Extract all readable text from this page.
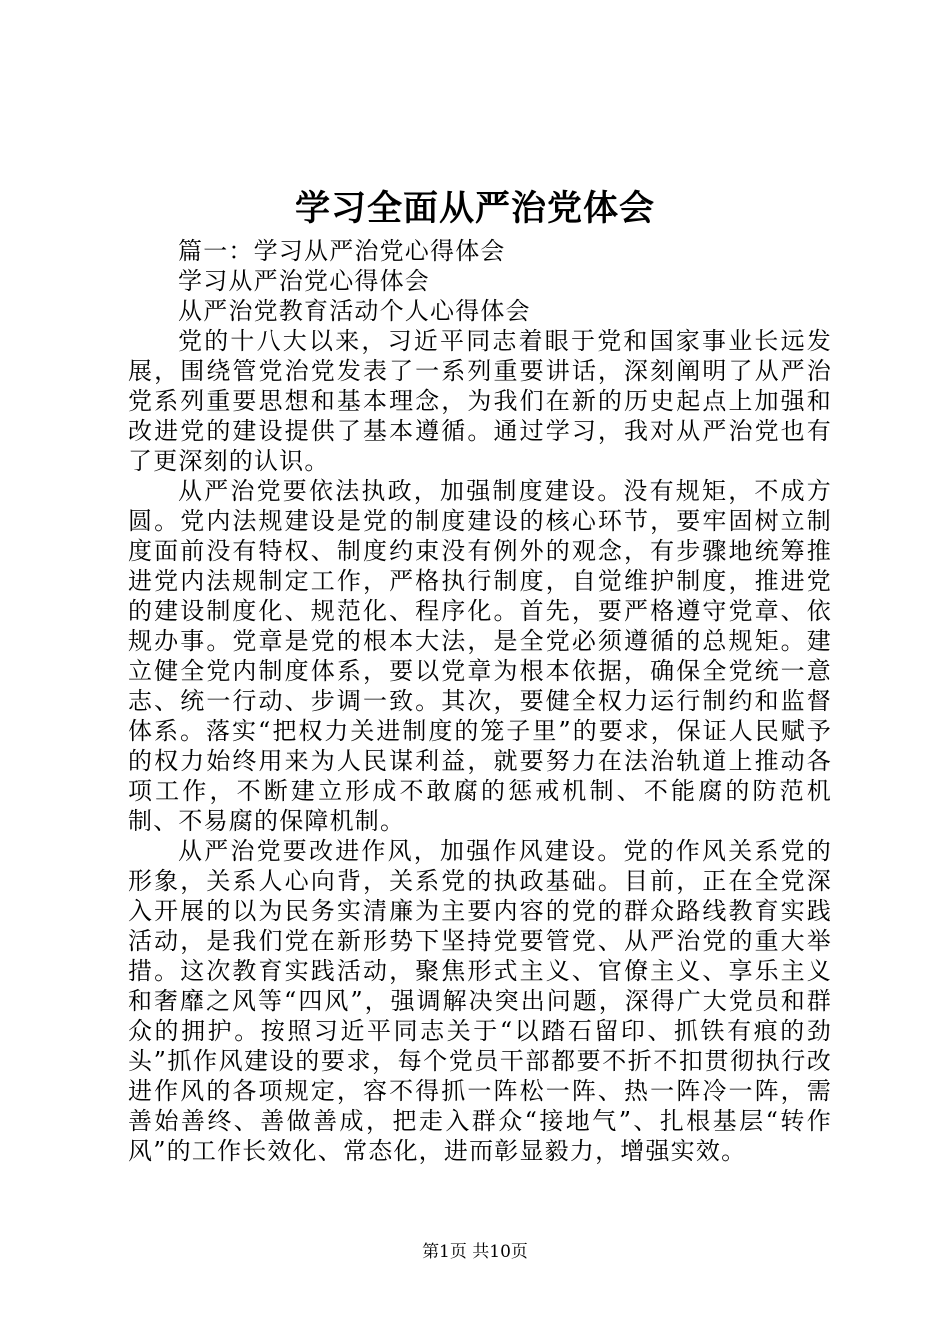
学习全面从严治党体会

篇一：学习从严治党心得体会

学习从严治党心得体会

从严治党教育活动个人心得体会

党的十八大以来，习近平同志着眼于党和国家事业长远发展，围绕管党治党发表了一系列重要讲话，深刻阐明了从严治党系列重要思想和基本理念，为我们在新的历史起点上加强和改进党的建设提供了基本遵循。通过学习，我对从严治党也有了更深刻的认识。

从严治党要依法执政，加强制度建设。没有规矩，不成方圆。党内法规建设是党的制度建设的核心环节，要牢固树立制度面前没有特权、制度约束没有例外的观念，有步骤地统筹推进党内法规制定工作，严格执行制度，自觉维护制度，推进党的建设制度化、规范化、程序化。首先，要严格遵守党章、依规办事。党章是党的根本大法，是全党必须遵循的总规矩。建立健全党内制度体系，要以党章为根本依据，确保全党统一意志、统一行动、步调一致。其次，要健全权力运行制约和监督体系。落实“把权力关进制度的笼子里”的要求，保证人民赋予的权力始终用来为人民谋利益，就要努力在法治轨道上推动各项工作，不断建立形成不敢腐的惩戒机制、不能腐的防范机制、不易腐的保障机制。

从严治党要改进作风，加强作风建设。党的作风关系党的形象，关系人心向背，关系党的执政基础。目前，正在全党深入开展的以为民务实清廉为主要内容的党的群众路线教育实践活动，是我们党在新形势下坚持党要管党、从严治党的重大举措。这次教育实践活动，聚焦形式主义、官僚主义、享乐主义和奢靡之风等“四风”，强调解决突出问题，深得广大党员和群众的拥护。按照习近平同志关于“以踏石留印、抓铁有痕的劲头”抓作风建设的要求，每个党员干部都要不折不扣贯彻执行改进作风的各项规定，容不得抓一阵松一阵、热一阵冷一阵，需善始善终、善做善成，把走入群众“接地气”、扎根基层“转作风”的工作长效化、常态化，进而彰显毅力，增强实效。

第1页 共10页
